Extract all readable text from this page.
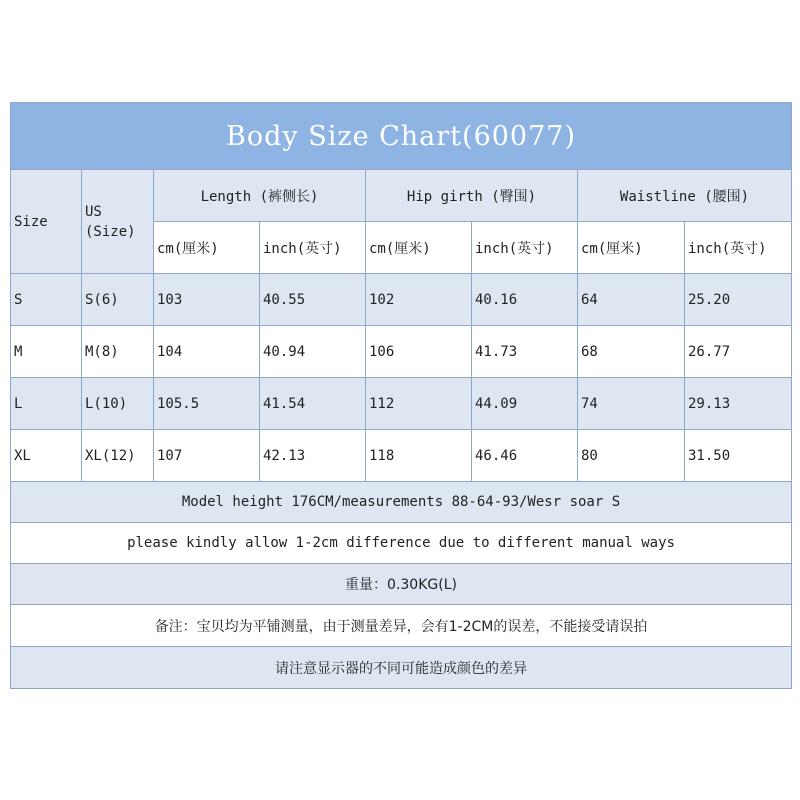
Body Size Chart(60077)							
Size	US (Size)	Length (裤侧长)		Hip girth (臀围)		Waistline (腰围)	
		cm(厘米)	inch(英寸)	cm(厘米)	inch(英寸)	cm(厘米)	inch(英寸)
S	S(6)	103	40.55	102	40.16	64	25.20
M	M(8)	104	40.94	106	41.73	68	26.77
L	L(10)	105.5	41.54	112	44.09	74	29.13
XL	XL(12)	107	42.13	118	46.46	80	31.50
Model height 176CM/measurements 88-64-93/Wesr soar S							
please kindly allow 1-2cm difference due to different manual ways							
重量：0.30KG(L)							
备注：宝贝均为平铺测量，由于测量差异，会有1-2CM的误差，不能接受请误拍							
请注意显示器的不同可能造成颜色的差异							
